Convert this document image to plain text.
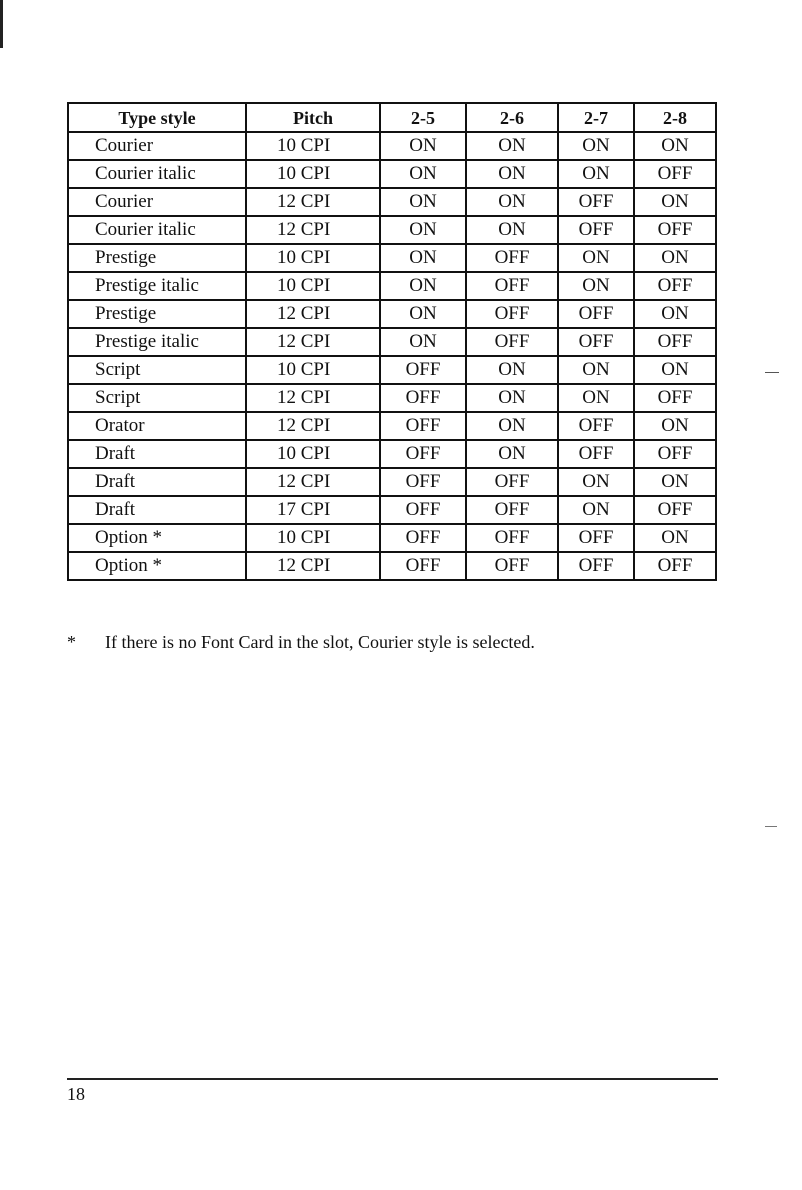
Type style	Pitch	2-5	2-6	2-7	2-8
Courier	10 CPI	ON	ON	ON	ON
Courier italic	10 CPI	ON	ON	ON	OFF
Courier	12 CPI	ON	ON	OFF	ON
Courier italic	12 CPI	ON	ON	OFF	OFF
Prestige	10 CPI	ON	OFF	ON	ON
Prestige italic	10 CPI	ON	OFF	ON	OFF
Prestige	12 CPI	ON	OFF	OFF	ON
Prestige italic	12 CPI	ON	OFF	OFF	OFF
Script	10 CPI	OFF	ON	ON	ON
Script	12 CPI	OFF	ON	ON	OFF
Orator	12 CPI	OFF	ON	OFF	ON
Draft	10 CPI	OFF	ON	OFF	OFF
Draft	12 CPI	OFF	OFF	ON	ON
Draft	17 CPI	OFF	OFF	ON	OFF
Option *	10 CPI	OFF	OFF	OFF	ON
Option *	12 CPI	OFF	OFF	OFF	OFF
* If there is no Font Card in the slot, Courier style is selected.
18
